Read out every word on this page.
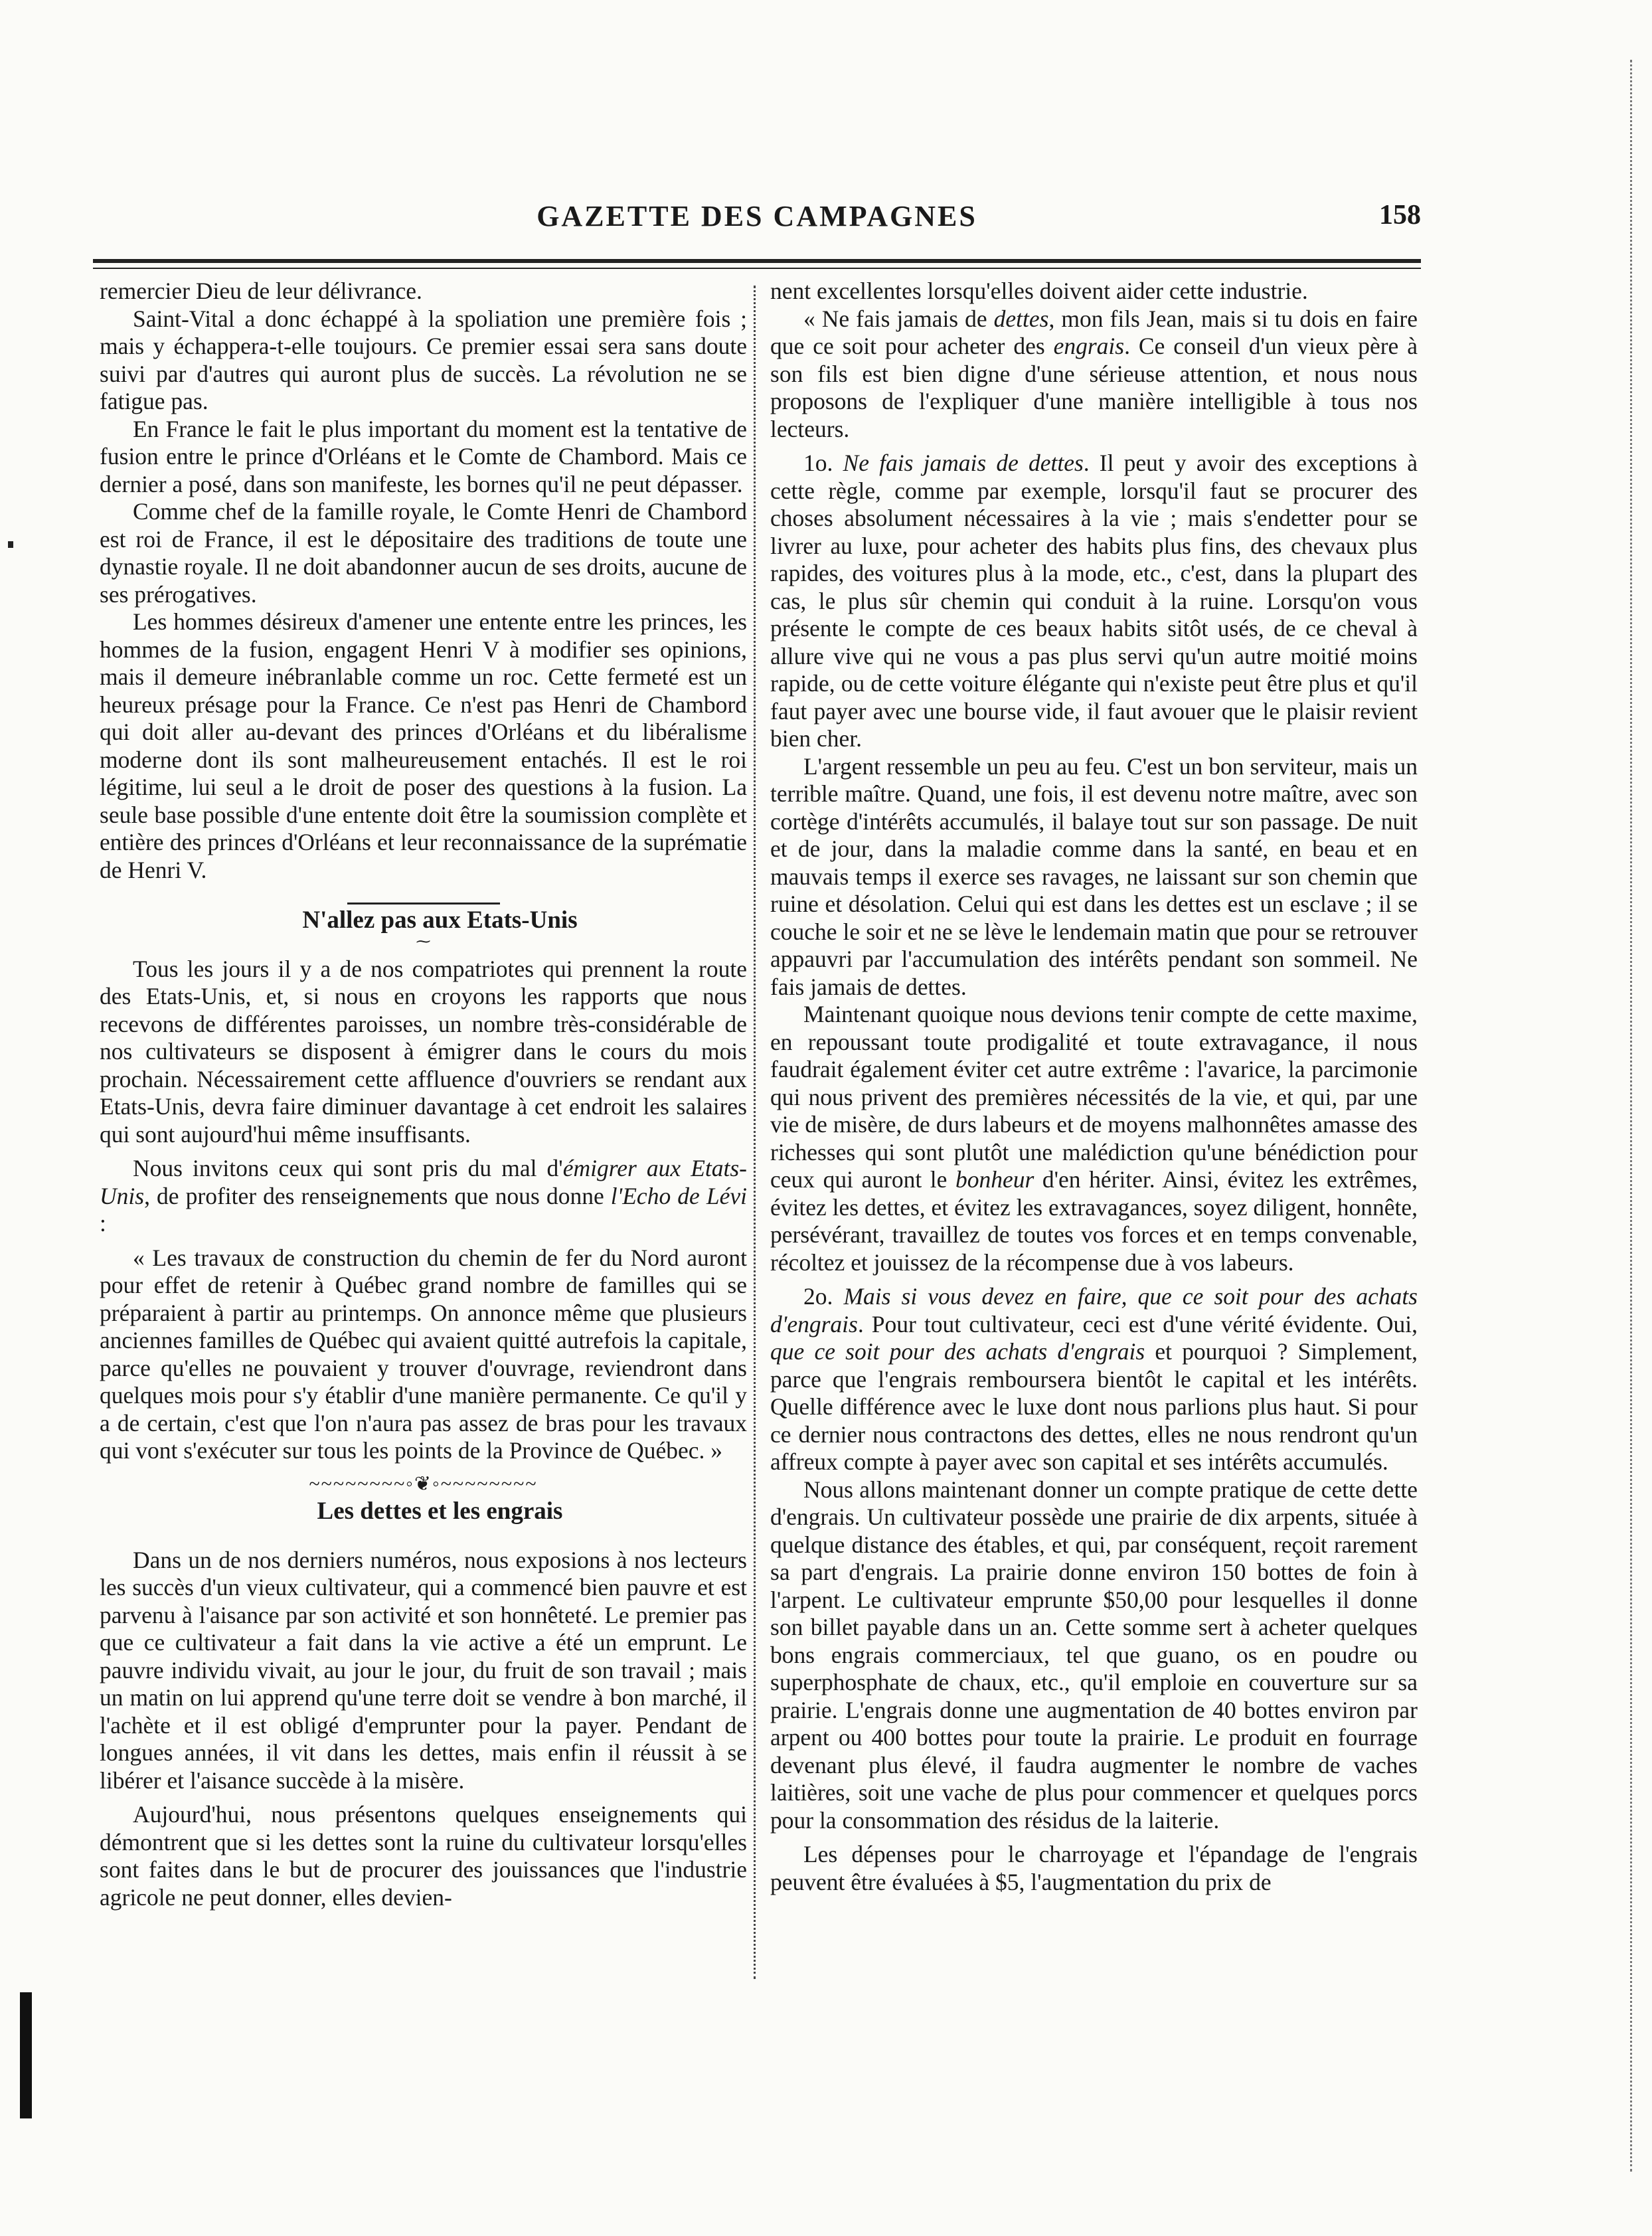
GAZETTE DES CAMPAGNES	158

remercier Dieu de leur délivrance.

Saint-Vital a donc échappé à la spoliation une première fois ; mais y échappera-t-elle toujours. Ce premier essai sera sans doute suivi par d'autres qui auront plus de succès. La révolution ne se fatigue pas.

En France le fait le plus important du moment est la tentative de fusion entre le prince d'Orléans et le Comte de Chambord. Mais ce dernier a posé, dans son manifeste, les bornes qu'il ne peut dépasser.

Comme chef de la famille royale, le Comte Henri de Chambord est roi de France, il est le dépositaire des traditions de toute une dynastie royale. Il ne doit abandonner aucun de ses droits, aucune de ses prérogatives.

Les hommes désireux d'amener une entente entre les princes, les hommes de la fusion, engagent Henri V à modifier ses opinions, mais il demeure inébranlable comme un roc. Cette fermeté est un heureux présage pour la France. Ce n'est pas Henri de Chambord qui doit aller au-devant des princes d'Orléans et du libéralisme moderne dont ils sont malheureusement entachés. Il est le roi légitime, lui seul a le droit de poser des questions à la fusion. La seule base possible d'une entente doit être la soumission complète et entière des princes d'Orléans et leur reconnaissance de la suprématie de Henri V.

N'allez pas aux Etats-Unis

⁓

Tous les jours il y a de nos compatriotes qui prennent la route des Etats-Unis, et, si nous en croyons les rapports que nous recevons de différentes paroisses, un nombre très-considérable de nos cultivateurs se disposent à émigrer dans le cours du mois prochain. Nécessairement cette affluence d'ouvriers se rendant aux Etats-Unis, devra faire diminuer davantage à cet endroit les salaires qui sont aujourd'hui même insuffisants.

Nous invitons ceux qui sont pris du mal d'émigrer aux Etats-Unis, de profiter des renseignements que nous donne l'Echo de Lévi :

« Les travaux de construction du chemin de fer du Nord auront pour effet de retenir à Québec grand nombre de familles qui se préparaient à partir au printemps. On annonce même que plusieurs anciennes familles de Québec qui avaient quitté autrefois la capitale, parce qu'elles ne pouvaient y trouver d'ouvrage, reviendront dans quelques mois pour s'y établir d'une manière permanente. Ce qu'il y a de certain, c'est que l'on n'aura pas assez de bras pour les travaux qui vont s'exécuter sur tous les points de la Province de Québec. »

~~~~~~~~◦❦◦~~~~~~~~

Les dettes et les engrais

Dans un de nos derniers numéros, nous exposions à nos lecteurs les succès d'un vieux cultivateur, qui a commencé bien pauvre et est parvenu à l'aisance par son activité et son honnêteté. Le premier pas que ce cultivateur a fait dans la vie active a été un emprunt. Le pauvre individu vivait, au jour le jour, du fruit de son travail ; mais un matin on lui apprend qu'une terre doit se vendre à bon marché, il l'achète et il est obligé d'emprunter pour la payer. Pendant de longues années, il vit dans les dettes, mais enfin il réussit à se libérer et l'aisance succède à la misère.

Aujourd'hui, nous présentons quelques enseignements qui démontrent que si les dettes sont la ruine du cultivateur lorsqu'elles sont faites dans le but de procurer des jouissances que l'industrie agricole ne peut donner, elles devien-

nent excellentes lorsqu'elles doivent aider cette industrie.

« Ne fais jamais de dettes, mon fils Jean, mais si tu dois en faire que ce soit pour acheter des engrais. Ce conseil d'un vieux père à son fils est bien digne d'une sérieuse attention, et nous nous proposons de l'expliquer d'une manière intelligible à tous nos lecteurs.

1o. Ne fais jamais de dettes. Il peut y avoir des exceptions à cette règle, comme par exemple, lorsqu'il faut se procurer des choses absolument nécessaires à la vie ; mais s'endetter pour se livrer au luxe, pour acheter des habits plus fins, des chevaux plus rapides, des voitures plus à la mode, etc., c'est, dans la plupart des cas, le plus sûr chemin qui conduit à la ruine. Lorsqu'on vous présente le compte de ces beaux habits sitôt usés, de ce cheval à allure vive qui ne vous a pas plus servi qu'un autre moitié moins rapide, ou de cette voiture élégante qui n'existe peut être plus et qu'il faut payer avec une bourse vide, il faut avouer que le plaisir revient bien cher.

L'argent ressemble un peu au feu. C'est un bon serviteur, mais un terrible maître. Quand, une fois, il est devenu notre maître, avec son cortège d'intérêts accumulés, il balaye tout sur son passage. De nuit et de jour, dans la maladie comme dans la santé, en beau et en mauvais temps il exerce ses ravages, ne laissant sur son chemin que ruine et désolation. Celui qui est dans les dettes est un esclave ; il se couche le soir et ne se lève le lendemain matin que pour se retrouver appauvri par l'accumulation des intérêts pendant son sommeil. Ne fais jamais de dettes.

Maintenant quoique nous devions tenir compte de cette maxime, en repoussant toute prodigalité et toute extravagance, il nous faudrait également éviter cet autre extrême : l'avarice, la parcimonie qui nous privent des premières nécessités de la vie, et qui, par une vie de misère, de durs labeurs et de moyens malhonnêtes amasse des richesses qui sont plutôt une malédiction qu'une bénédiction pour ceux qui auront le bonheur d'en hériter. Ainsi, évitez les extrêmes, évitez les dettes, et évitez les extravagances, soyez diligent, honnête, persévérant, travaillez de toutes vos forces et en temps convenable, récoltez et jouissez de la récompense due à vos labeurs.

2o. Mais si vous devez en faire, que ce soit pour des achats d'engrais. Pour tout cultivateur, ceci est d'une vérité évidente. Oui, que ce soit pour des achats d'engrais et pourquoi ? Simplement, parce que l'engrais remboursera bientôt le capital et les intérêts. Quelle différence avec le luxe dont nous parlions plus haut. Si pour ce dernier nous contractons des dettes, elles ne nous rendront qu'un affreux compte à payer avec son capital et ses intérêts accumulés.

Nous allons maintenant donner un compte pratique de cette dette d'engrais. Un cultivateur possède une prairie de dix arpents, située à quelque distance des étables, et qui, par conséquent, reçoit rarement sa part d'engrais. La prairie donne environ 150 bottes de foin à l'arpent. Le cultivateur emprunte $50,00 pour lesquelles il donne son billet payable dans un an. Cette somme sert à acheter quelques bons engrais commerciaux, tel que guano, os en poudre ou superphosphate de chaux, etc., qu'il emploie en couverture sur sa prairie. L'engrais donne une augmentation de 40 bottes environ par arpent ou 400 bottes pour toute la prairie. Le produit en fourrage devenant plus élevé, il faudra augmenter le nombre de vaches laitières, soit une vache de plus pour commencer et quelques porcs pour la consommation des résidus de la laiterie.

Les dépenses pour le charroyage et l'épandage de l'engrais peuvent être évaluées à $5, l'augmentation du prix de
